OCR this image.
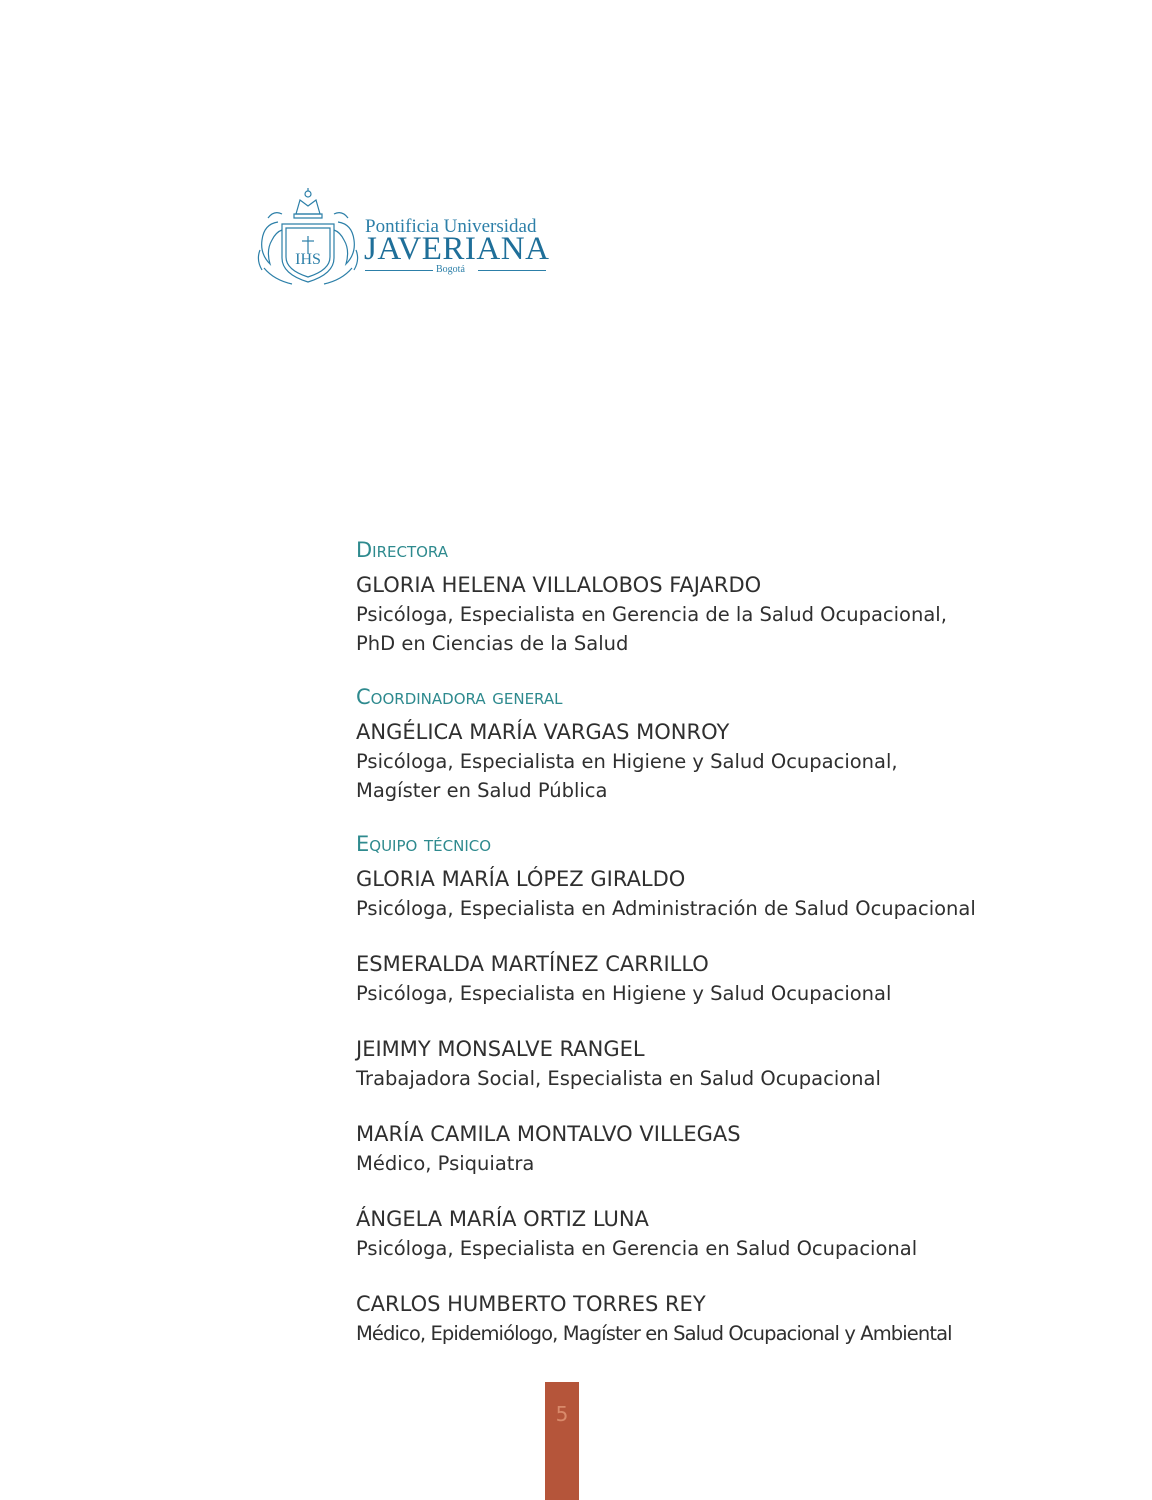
IHS
Pontificia Universidad
JAVERIANA
Bogotá
Directora
GLORIA HELENA VILLALOBOS FAJARDO
Psicóloga, Especialista en Gerencia de la Salud Ocupacional,
PhD en Ciencias de la Salud
Coordinadora general
ANGÉLICA MARÍA VARGAS MONROY
Psicóloga, Especialista en Higiene y Salud Ocupacional,
Magíster en Salud Pública
Equipo técnico
GLORIA MARÍA LÓPEZ GIRALDO
Psicóloga, Especialista en Administración de Salud Ocupacional
ESMERALDA MARTÍNEZ CARRILLO
Psicóloga, Especialista en Higiene y Salud Ocupacional
JEIMMY MONSALVE RANGEL
Trabajadora Social, Especialista en Salud Ocupacional
MARÍA CAMILA MONTALVO VILLEGAS
Médico, Psiquiatra
ÁNGELA MARÍA ORTIZ LUNA
Psicóloga, Especialista en Gerencia en Salud Ocupacional
CARLOS HUMBERTO TORRES REY
Médico, Epidemiólogo, Magíster en Salud Ocupacional y Ambiental
5
